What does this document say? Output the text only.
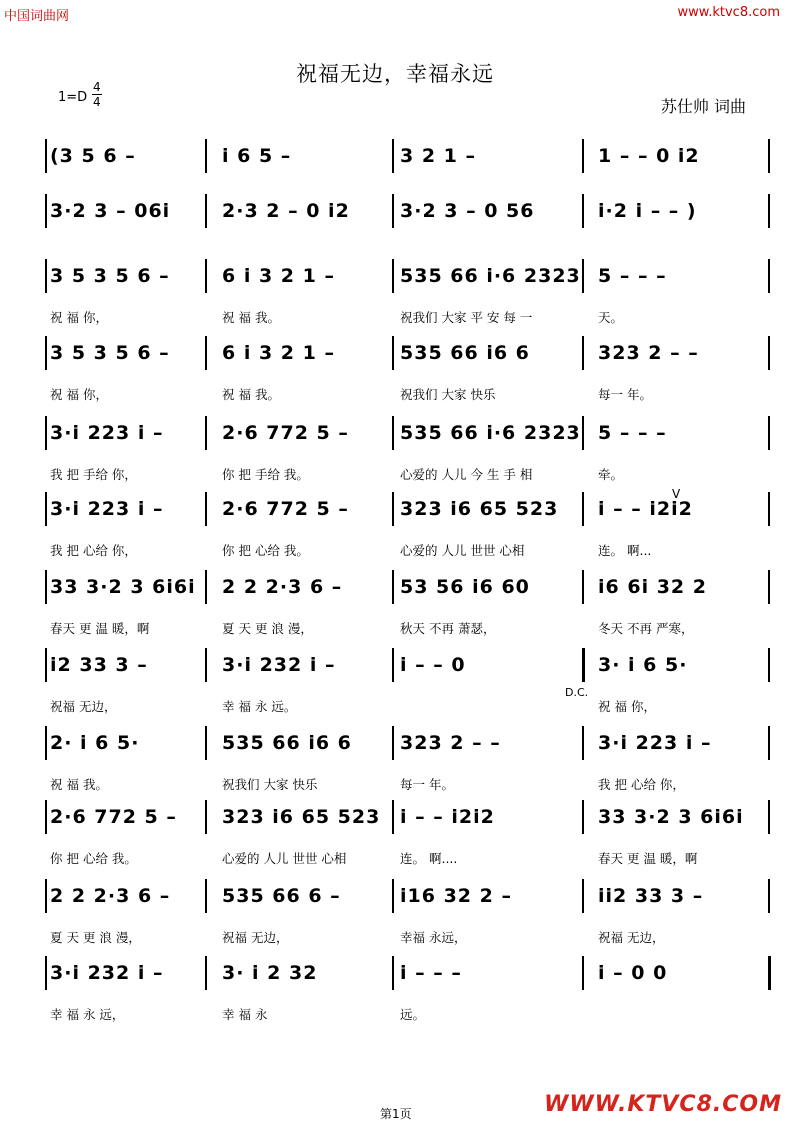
中国词曲网	www.ktvc8.com
祝福无边，幸福永远
$1=D \frac{4}{4}$	苏仕帅 词曲
(3 5 6 –	i 6 5 –	3 2 1 –	1 – – 0 i2
3·2 3 – 06i	2·3 2 – 0 i2	3·2 3 – 0 56	i·2 i – – )
3 5 3 5 6 –
祝 福 你，
6 i 3 2 1 –
祝 福 我。
535 66 i·6 2323
祝我们 大家 平 安 每 一
5 – – –
天。
3 5 3 5 6 –
祝 福 你，
6 i 3 2 1 –
祝 福 我。
535 66 i6 6
祝我们 大家 快乐
323 2 – –
每一 年。
3·i 223 i –
我 把 手给 你，
2·6 772 5 –
你 把 手给 我。
535 66 i·6 2323
心爱的 人儿 今 生 手 相
5 – – –
牵。
3·i 223 i –
我 把 心给 你，
2·6 772 5 –
你 把 心给 我。
323 i6 65 523
心爱的 人儿 世世 心相
i – – i2i2
连。 啊...
33 3·2 3 6i6i
春天 更 温 暖，啊
2 2 2·3 6 –
夏 天 更 浪 漫，
53 56 i6 60
秋天 不再 萧瑟，
i6 6i 32 2
冬天 不再 严寒，
i2 33 3 –
祝福 无边，
3·i 232 i –
幸 福 永 远。
i – – 0	3· i 6 5·
祝 福 你，
2· i 6 5·
祝 福 我。
535 66 i6 6
祝我们 大家 快乐
323 2 – –
每一 年。
3·i 223 i –
我 把 心给 你，
2·6 772 5 –
你 把 心给 我。
323 i6 65 523
心爱的 人儿 世世 心相
i – – i2i2
连。 啊....
33 3·2 3 6i6i
春天 更 温 暖，啊
2 2 2·3 6 –
夏 天 更 浪 漫，
535 66 6 –
祝福 无边，
i16 32 2 –
幸福 永远，
ii2 33 3 –
祝福 无边，
3·i 232 i –
幸 福 永 远，
3· i 2 32
幸 福 永
i – – –
远。
i – 0 0
V
D.C.
第1页	WWW.KTVC8.COM
